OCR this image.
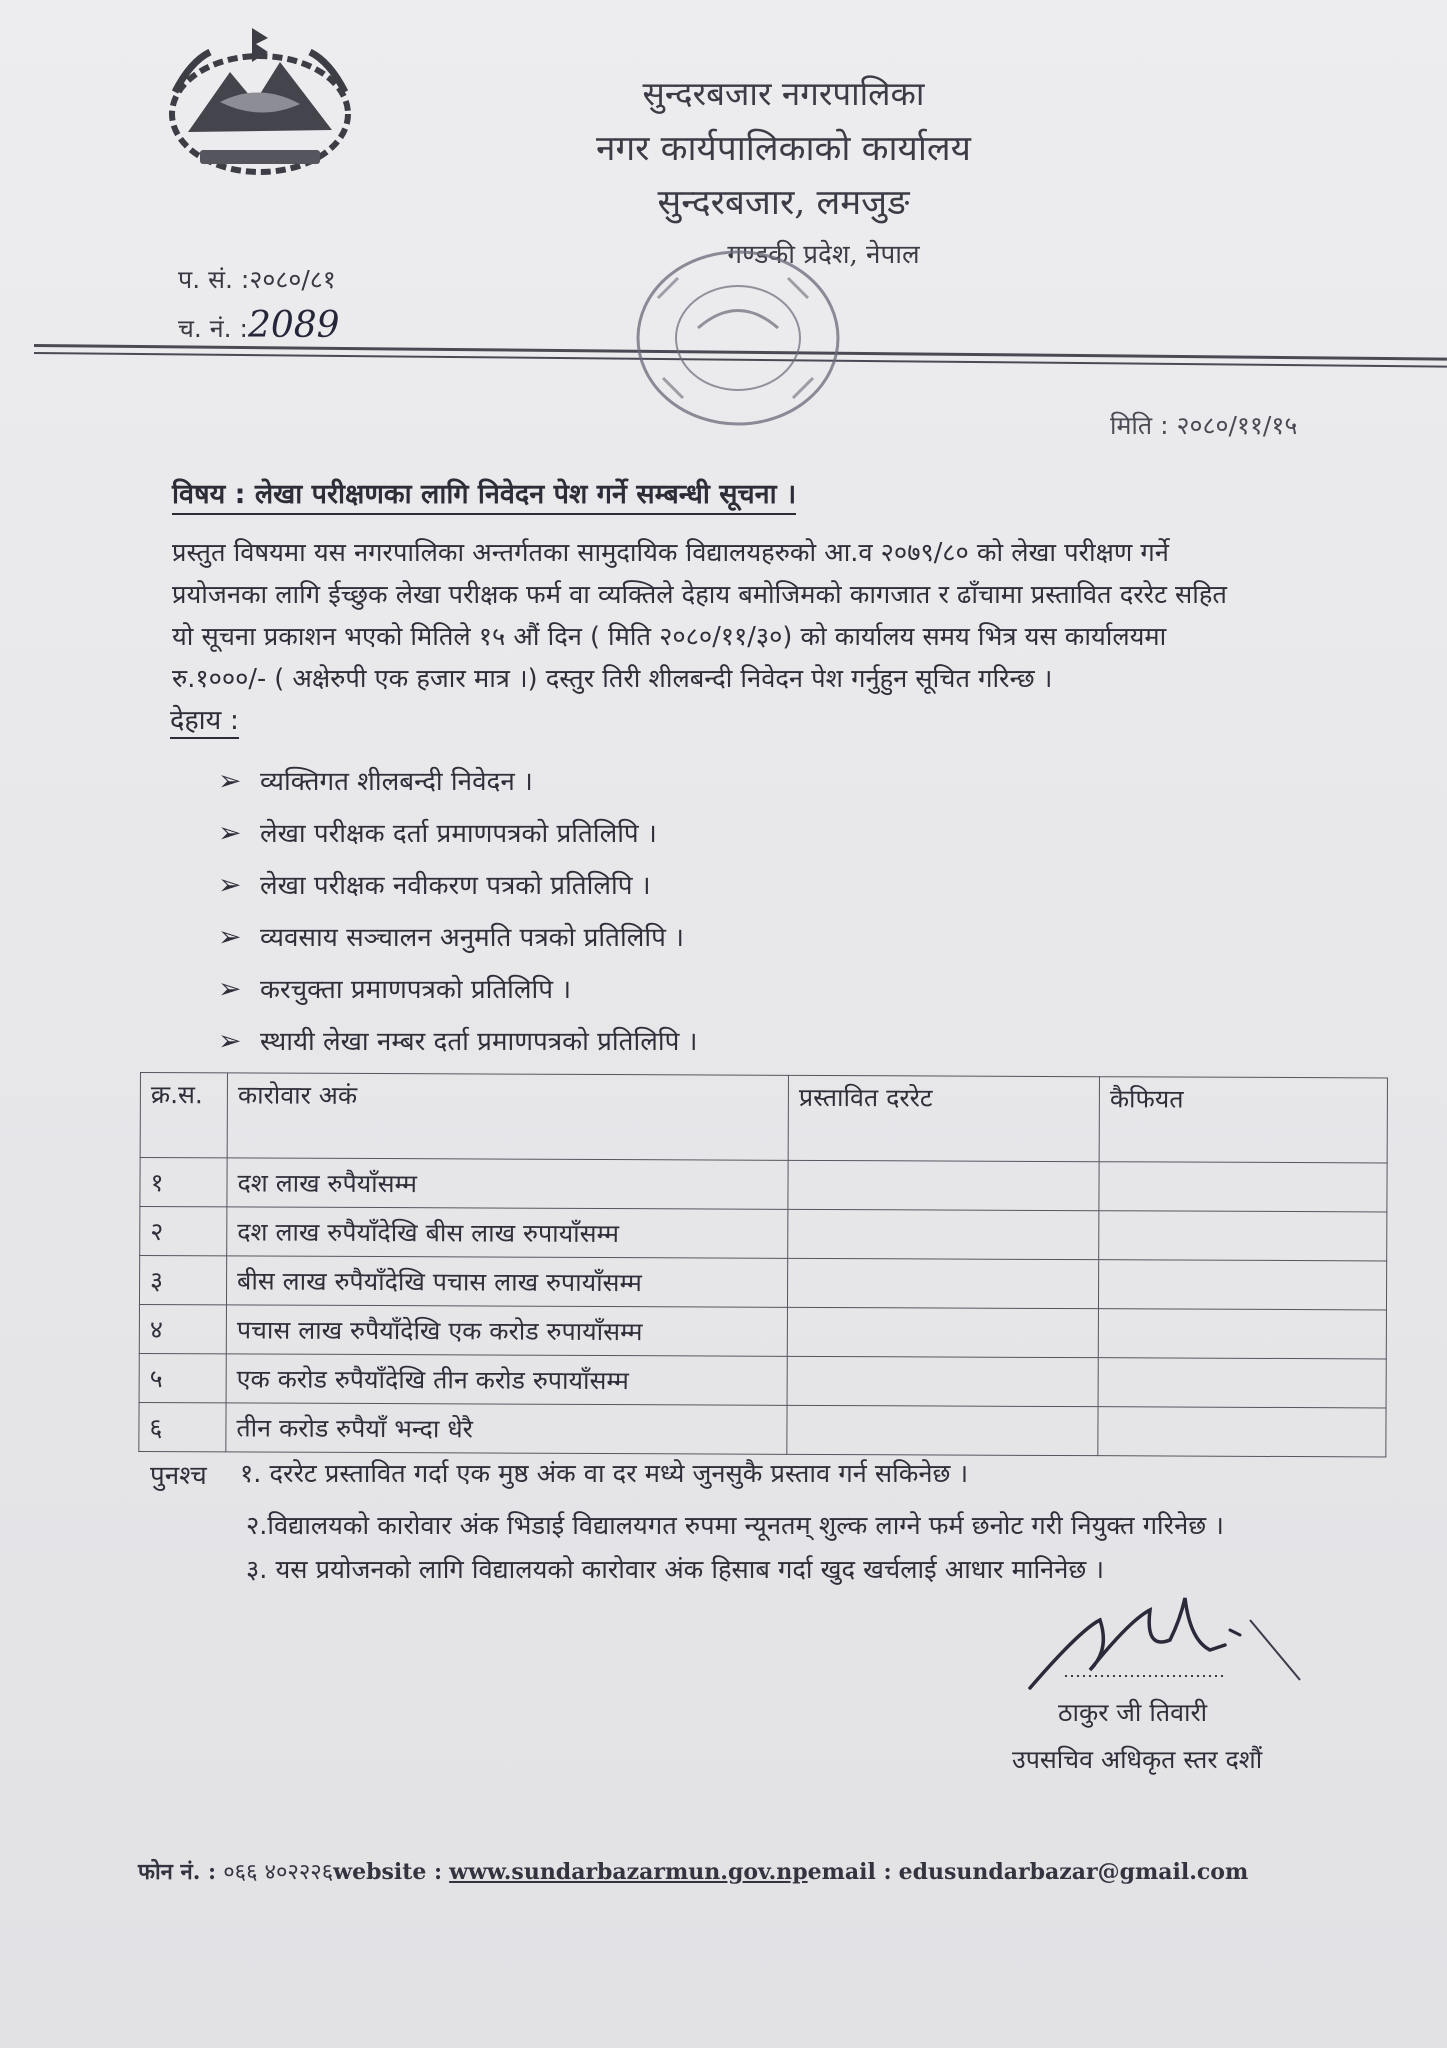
सुन्दरबजार नगरपालिका
नगर कार्यपालिकाको कार्यालय
सुन्दरबजार, लमजुङ
गण्डकी प्रदेश, नेपाल
प. सं. :२०८०/८१
च. नं. :2089
मिति : २०८०/११/१५
विषय : लेखा परीक्षणका लागि निवेदन पेश गर्ने सम्बन्धी सूचना ।

प्रस्तुत विषयमा यस नगरपालिका अन्तर्गतका सामुदायिक विद्यालयहरुको आ.व २०७९/८० को लेखा परीक्षण गर्ने

प्रयोजनका लागि ईच्छुक लेखा परीक्षक फर्म वा व्यक्तिले देहाय बमोजिमको कागजात र ढाँचामा प्रस्तावित दररेट सहित

यो सूचना प्रकाशन भएको मितिले १५ औं दिन ( मिति २०८०/११/३०) को कार्यालय समय भित्र यस कार्यालयमा

रु.१०००/- ( अक्षेरुपी एक हजार मात्र ।) दस्तुर तिरी शीलबन्दी निवेदन पेश गर्नुहुन सूचित गरिन्छ ।

देहाय :
➢ व्यक्तिगत शीलबन्दी निवेदन ।
➢ लेखा परीक्षक दर्ता प्रमाणपत्रको प्रतिलिपि ।
➢ लेखा परीक्षक नवीकरण पत्रको प्रतिलिपि ।
➢ व्यवसाय सञ्चालन अनुमति पत्रको प्रतिलिपि ।
➢ करचुक्ता प्रमाणपत्रको प्रतिलिपि ।
➢ स्थायी लेखा नम्बर दर्ता प्रमाणपत्रको प्रतिलिपि ।
क्र.स.	कारोवार अकं	प्रस्तावित दररेट	कैफियत
१	दश लाख रुपैयाँसम्म		
२	दश लाख रुपैयाँदेखि बीस लाख रुपायाँसम्म		
३	बीस लाख रुपैयाँदेखि पचास लाख रुपायाँसम्म		
४	पचास लाख रुपैयाँदेखि एक करोड रुपायाँसम्म		
५	एक करोड रुपैयाँदेखि तीन करोड रुपायाँसम्म		
६	तीन करोड रुपैयाँ भन्दा धेरै		
पुनश्च १. दररेट प्रस्तावित गर्दा एक मुष्ठ अंक वा दर मध्ये जुनसुकै प्रस्ताव गर्न सकिनेछ ।
२.विद्यालयको कारोवार अंक भिडाई विद्यालयगत रुपमा न्यूनतम् शुल्क लाग्ने फर्म छनोट गरी नियुक्त गरिनेछ ।
३. यस प्रयोजनको लागि विद्यालयको कारोवार अंक हिसाब गर्दा खुद खर्चलाई आधार मानिनेछ ।
ठाकुर जी तिवारी
उपसचिव अधिकृत स्तर दशौं
फोन नं. : ०६६ ४०२२२६website : www.sundarbazarmun.gov.npemail : edusundarbazar@gmail.com
